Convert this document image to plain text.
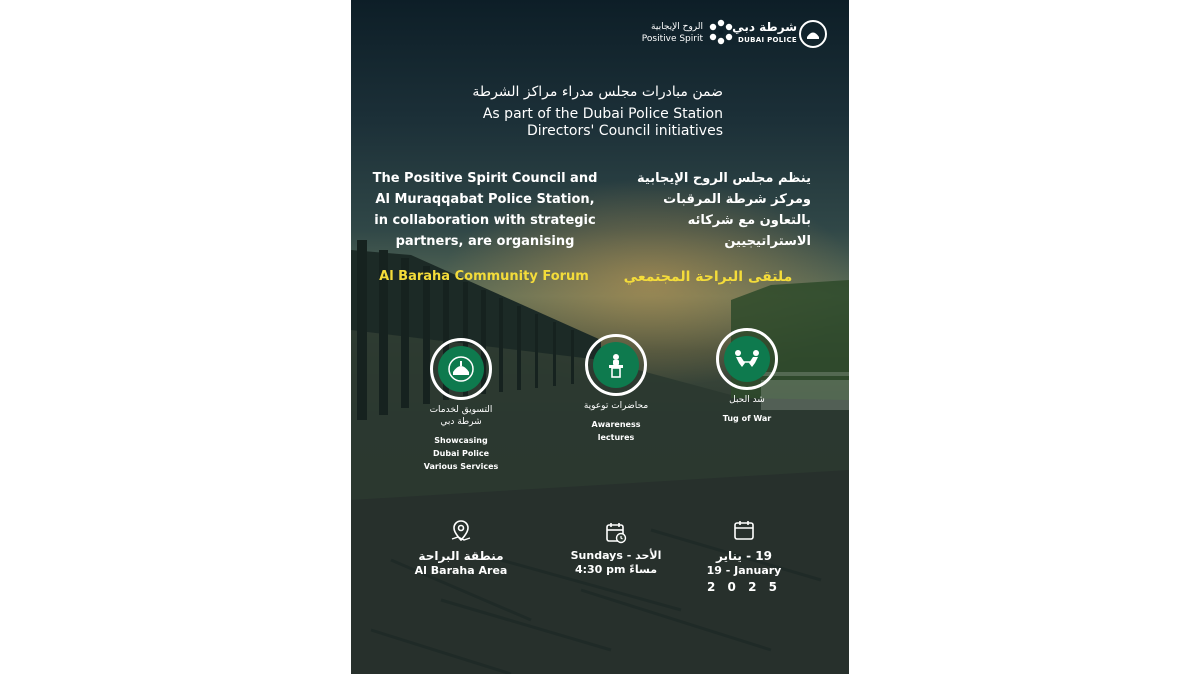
شرطة دبي
DUBAI POLICE
الروح الإيجابية
Positive Spirit
ضمن مبادرات مجلس مدراء مراكز الشرطة
As part of the Dubai Police Station
Directors' Council initiatives
The Positive Spirit Council and
Al Muraqqabat Police Station,
in collaboration with strategic
partners, are organising
ينظم مجلس الروح الإيجابية
ومركز شرطة المرقبات
بالتعاون مع شركائه الاستراتيجيين
Al Baraha Community Forum	ملتقى البراحة المجتمعي
التسويق لخدمات
شرطة دبي
Showcasing
Dubai Police
Various Services
محاضرات توعوية
Awareness
lectures
شد الحبل
Tug of War
منطقة البراحة
Al Baraha Area
Sundays - الأحد
4:30 pm مساءً
19 - يناير
19 - January
2 0 2 5
